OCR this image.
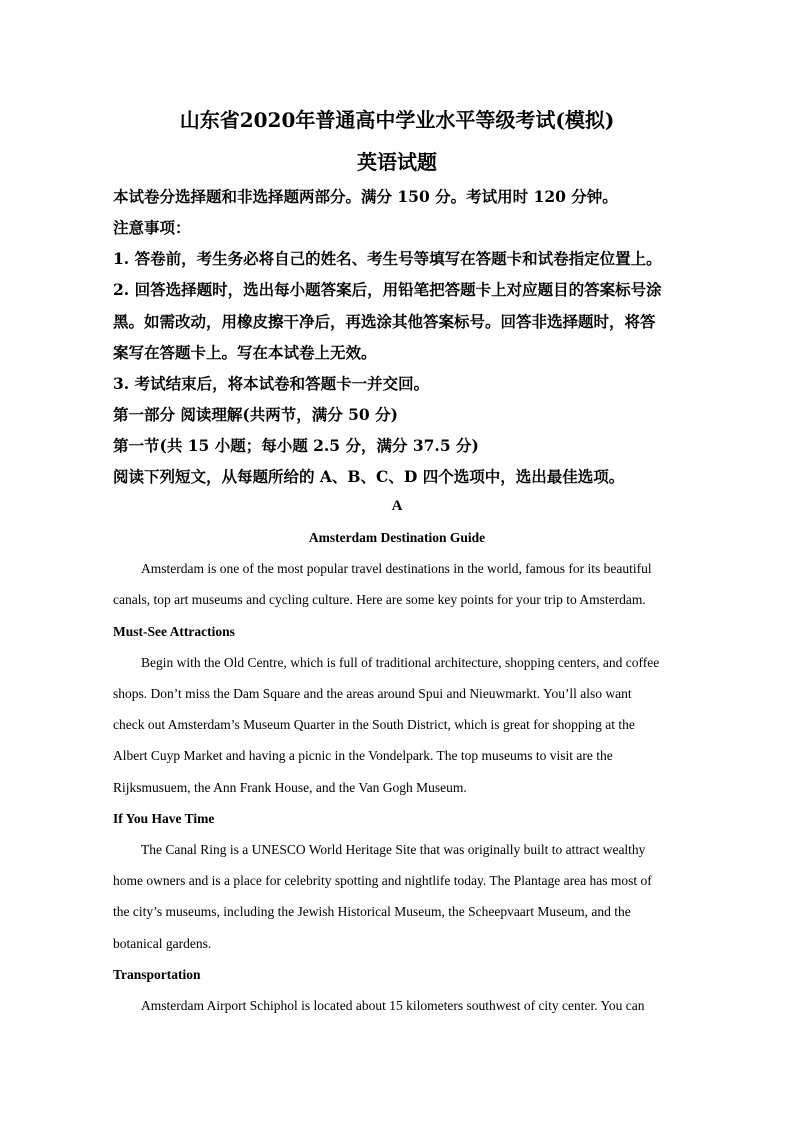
山东省2020年普通高中学业水平等级考试(模拟)
英语试题
本试卷分选择题和非选择题两部分。满分 150 分。考试用时 120 分钟。
注意事项：
1. 答卷前，考生务必将自己的姓名、考生号等填写在答题卡和试卷指定位置上。
2. 回答选择题时，选出每小题答案后，用铅笔把答题卡上对应题目的答案标号涂
黑。如需改动，用橡皮擦干净后，再选涂其他答案标号。回答非选择题时，将答
案写在答题卡上。写在本试卷上无效。
3. 考试结束后，将本试卷和答题卡一并交回。
第一部分 阅读理解(共两节，满分 50 分)
第一节(共 15 小题；每小题 2.5 分，满分 37.5 分)
阅读下列短文，从每题所给的 A、B、C、D 四个选项中，选出最佳选项。
A
Amsterdam Destination Guide
Amsterdam is one of the most popular travel destinations in the world, famous for its beautiful
canals, top art museums and cycling culture. Here are some key points for your trip to Amsterdam.
Must-See Attractions
Begin with the Old Centre, which is full of traditional architecture, shopping centers, and coffee
shops. Don’t miss the Dam Square and the areas around Spui and Nieuwmarkt. You’ll also want
check out Amsterdam’s Museum Quarter in the South District, which is great for shopping at the
Albert Cuyp Market and having a picnic in the Vondelpark. The top museums to visit are the
Rijksmusuem, the Ann Frank House, and the Van Gogh Museum.
If You Have Time
The Canal Ring is a UNESCO World Heritage Site that was originally built to attract wealthy
home owners and is a place for celebrity spotting and nightlife today. The Plantage area has most of
the city’s museums, including the Jewish Historical Museum, the Scheepvaart Museum, and the
botanical gardens.
Transportation
Amsterdam Airport Schiphol is located about 15 kilometers southwest of city center. You can
